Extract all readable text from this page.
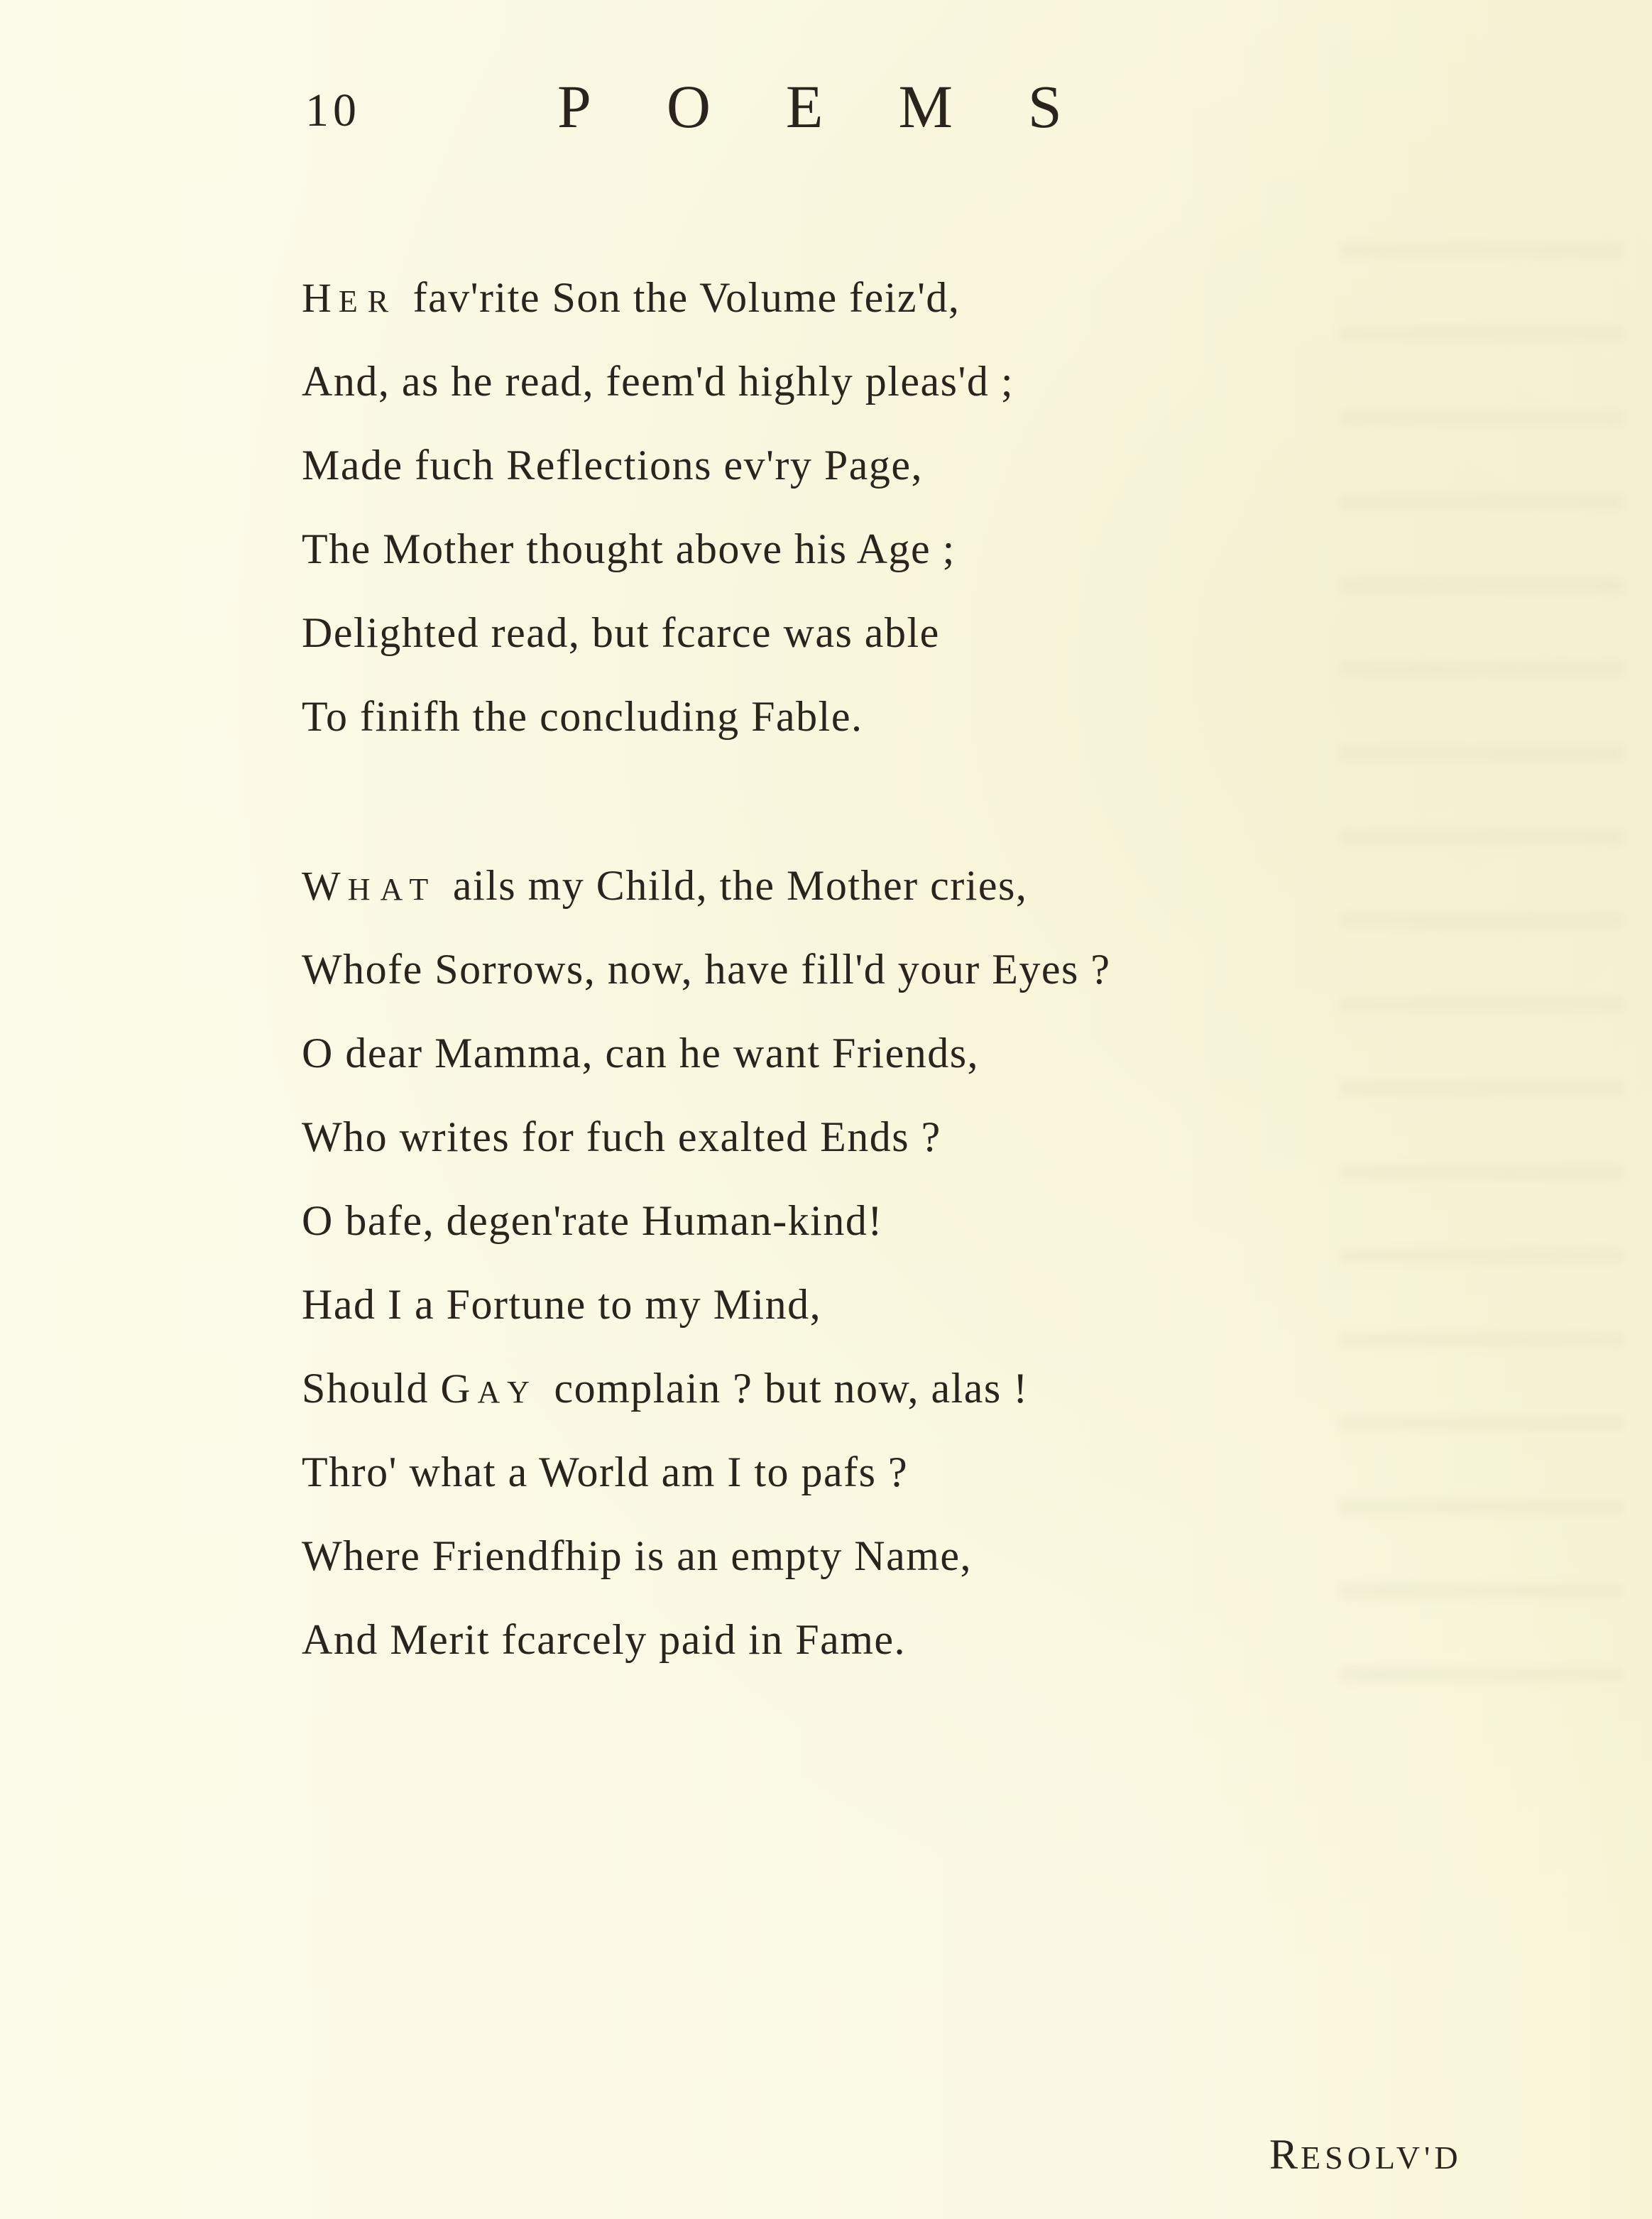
10	POEMS
HER fav'rite Son the Volume feiz'd,
And, as he read, feem'd highly pleas'd ;
Made fuch Reflections ev'ry Page,
The Mother thought above his Age ;
Delighted read, but fcarce was able
To finifh the concluding Fable.
WHAT ails my Child, the Mother cries,
Whofe Sorrows, now, have fill'd your Eyes ?
O dear Mamma, can he want Friends,
Who writes for fuch exalted Ends ?
O bafe, degen'rate Human-kind!
Had I a Fortune to my Mind,
Should GAY complain ? but now, alas !
Thro' what a World am I to pafs ?
Where Friendfhip is an empty Name,
And Merit fcarcely paid in Fame.
RESOLV'D
